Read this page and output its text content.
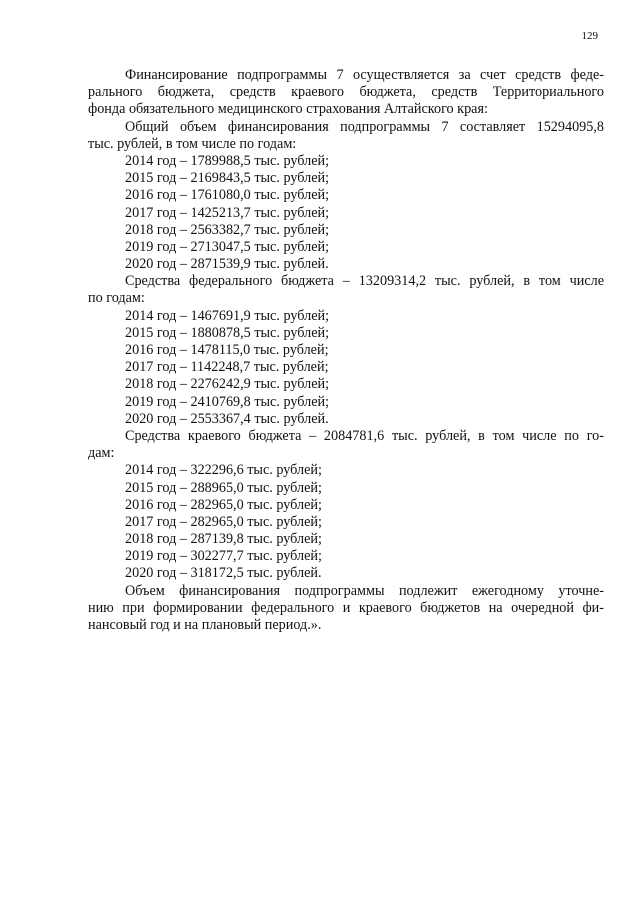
129
Финансирование подпрограммы 7 осуществляется за счет средств феде-
рального бюджета, средств краевого бюджета, средств Территориального
фонда обязательного медицинского страхования Алтайского края:
Общий объем финансирования подпрограммы 7 составляет 15294095,8
тыс. рублей, в том числе по годам:
2014 год – 1789988,5 тыс. рублей;
2015 год – 2169843,5 тыс. рублей;
2016 год – 1761080,0 тыс. рублей;
2017 год – 1425213,7 тыс. рублей;
2018 год – 2563382,7 тыс. рублей;
2019 год – 2713047,5 тыс. рублей;
2020 год – 2871539,9 тыс. рублей.
Средства федерального бюджета – 13209314,2 тыс. рублей, в том числе
по годам:
2014 год – 1467691,9 тыс. рублей;
2015 год – 1880878,5 тыс. рублей;
2016 год – 1478115,0 тыс. рублей;
2017 год – 1142248,7 тыс. рублей;
2018 год – 2276242,9 тыс. рублей;
2019 год – 2410769,8 тыс. рублей;
2020 год – 2553367,4 тыс. рублей.
Средства краевого бюджета – 2084781,6 тыс. рублей, в том числе по го-
дам:
2014 год – 322296,6 тыс. рублей;
2015 год – 288965,0 тыс. рублей;
2016 год – 282965,0 тыс. рублей;
2017 год – 282965,0 тыс. рублей;
2018 год – 287139,8 тыс. рублей;
2019 год – 302277,7 тыс. рублей;
2020 год – 318172,5 тыс. рублей.
Объем финансирования подпрограммы подлежит ежегодному уточне-
нию при формировании федерального и краевого бюджетов на очередной фи-
нансовый год и на плановый период.».
